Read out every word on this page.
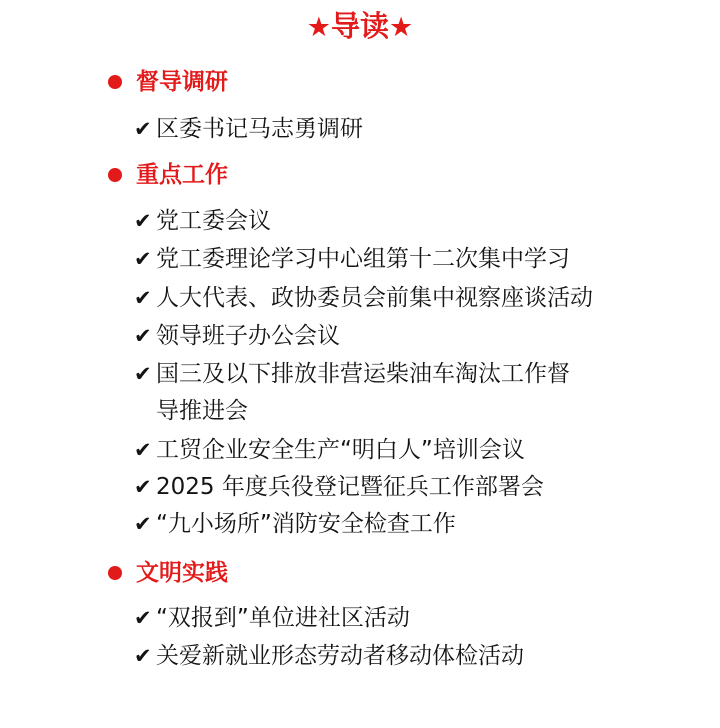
★导读★
督导调研
✔ 区委书记马志勇调研
重点工作
✔ 党工委会议
✔ 党工委理论学习中心组第十二次集中学习
✔ 人大代表、政协委员会前集中视察座谈活动
✔ 领导班子办公会议
✔ 国三及以下排放非营运柴油车淘汰工作督
导推进会
✔ 工贸企业安全生产“明白人”培训会议
✔ 2025 年度兵役登记暨征兵工作部署会
✔ “九小场所”消防安全检查工作
文明实践
✔ “双报到”单位进社区活动
✔ 关爱新就业形态劳动者移动体检活动
